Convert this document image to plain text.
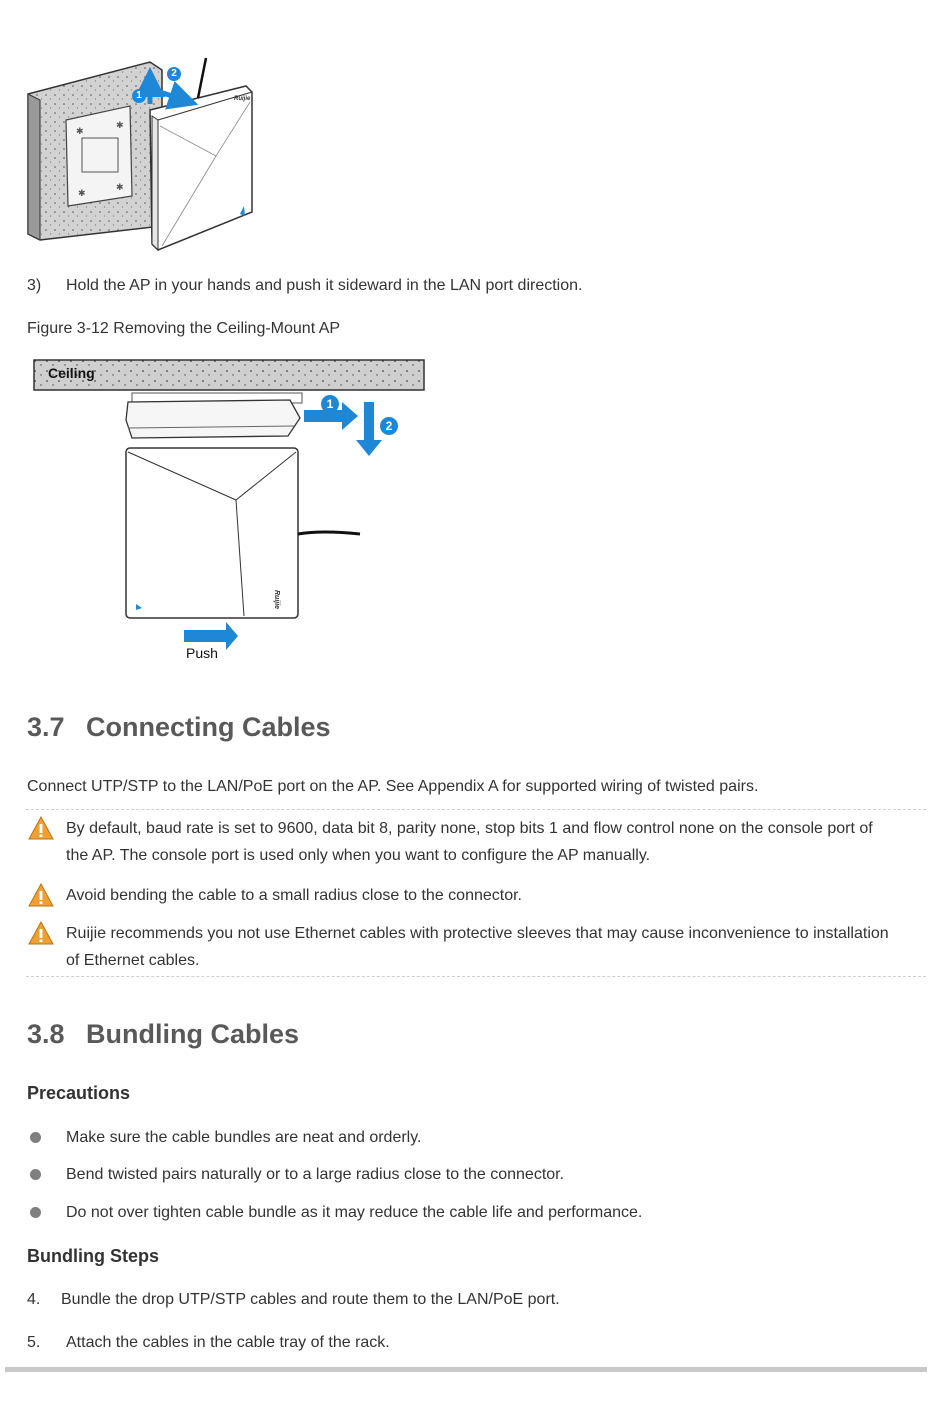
✱
✱
✱
✱
1
2
Ruijie
3) Hold the AP in your hands and push it sideward in the LAN port direction.
Figure 3-12 Removing the Ceiling-Mount AP
Ceiling
1
2
Push
Ruijie
3.7 Connecting Cables
Connect UTP/STP to the LAN/PoE port on the AP. See Appendix A for supported wiring of twisted pairs.
By default, baud rate is set to 9600, data bit 8, parity none, stop bits 1 and flow control none on the console port of
the AP. The console port is used only when you want to configure the AP manually.
Avoid bending the cable to a small radius close to the connector.
Ruijie recommends you not use Ethernet cables with protective sleeves that may cause inconvenience to installation
of Ethernet cables.
3.8 Bundling Cables
Precautions
Make sure the cable bundles are neat and orderly.
Bend twisted pairs naturally or to a large radius close to the connector.
Do not over tighten cable bundle as it may reduce the cable life and performance.
Bundling Steps
4. Bundle the drop UTP/STP cables and route them to the LAN/PoE port.
5. Attach the cables in the cable tray of the rack.
